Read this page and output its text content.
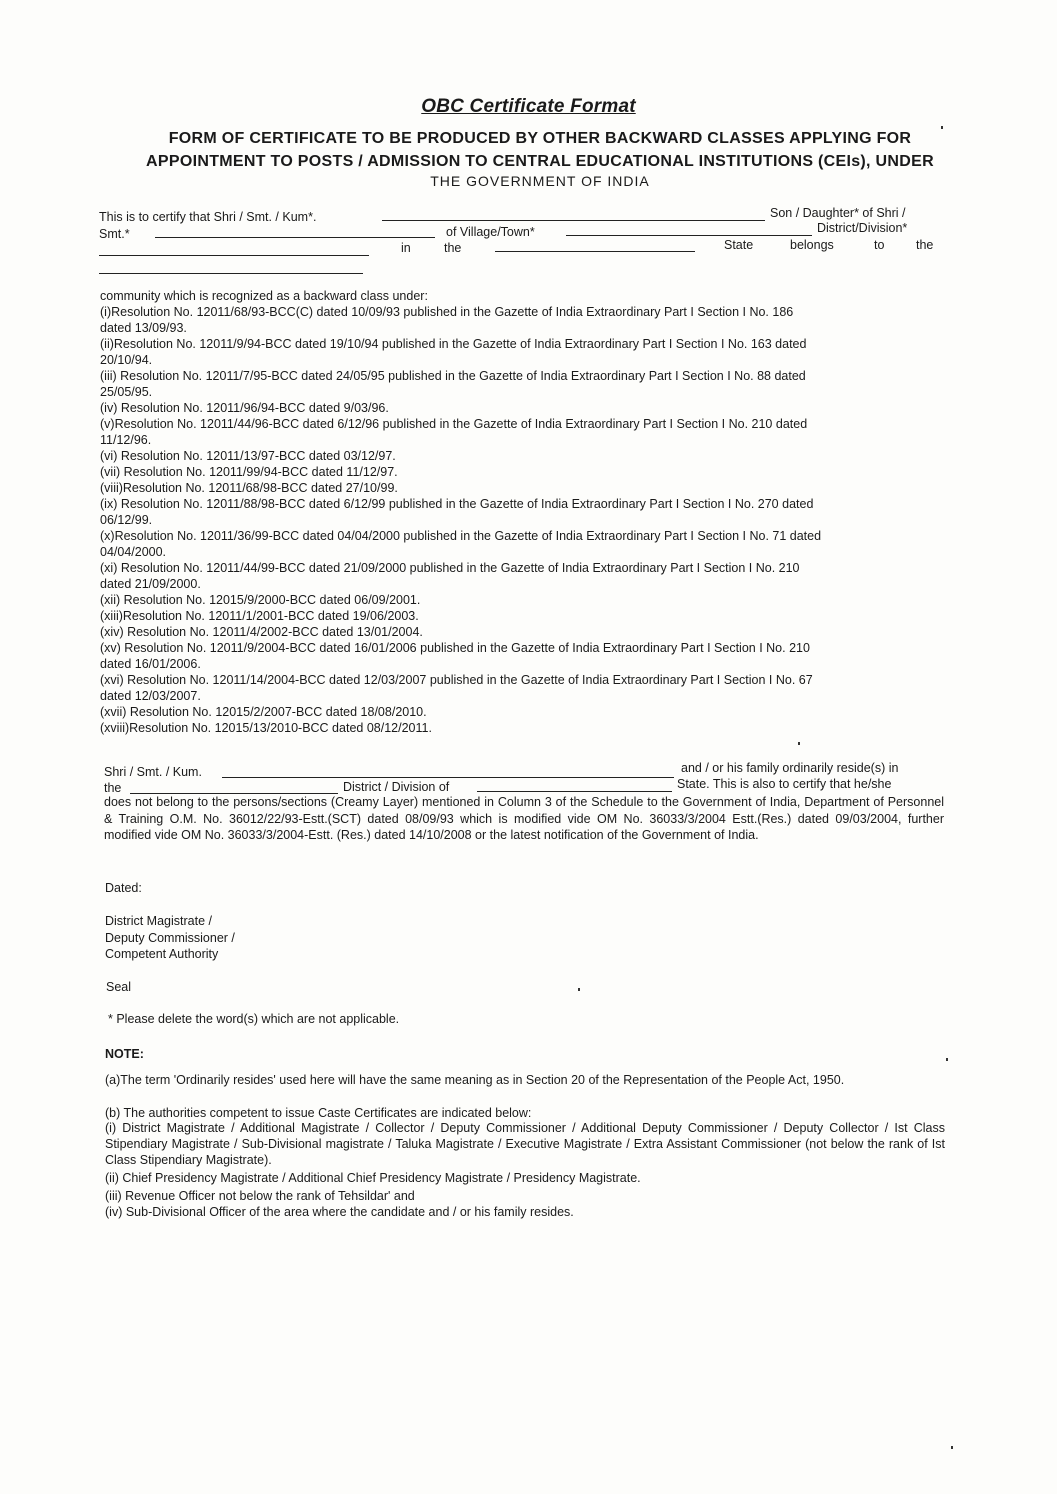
OBC Certificate Format
FORM OF CERTIFICATE TO BE PRODUCED BY OTHER BACKWARD CLASSES APPLYING FOR
APPOINTMENT TO POSTS / ADMISSION TO CENTRAL EDUCATIONAL INSTITUTIONS (CEIs), UNDER
THE GOVERNMENT OF INDIA
This is to certify that Shri / Smt. / Kum*.	Son / Daughter* of Shri /
Smt.*	of Village/Town*	District/Division*
in	the	State	belongs	to	the
community which is recognized as a backward class under:
(i)Resolution No. 12011/68/93-BCC(C) dated 10/09/93 published in the Gazette of India Extraordinary Part I Section I No. 186
dated 13/09/93.
(ii)Resolution No. 12011/9/94-BCC dated 19/10/94 published in the Gazette of India Extraordinary Part I Section I No. 163 dated
20/10/94.
(iii) Resolution No. 12011/7/95-BCC dated 24/05/95 published in the Gazette of India Extraordinary Part I Section I No. 88 dated
25/05/95.
(iv) Resolution No. 12011/96/94-BCC dated 9/03/96.
(v)Resolution No. 12011/44/96-BCC dated 6/12/96 published in the Gazette of India Extraordinary Part I Section I No. 210 dated
11/12/96.
(vi) Resolution No. 12011/13/97-BCC dated 03/12/97.
(vii) Resolution No. 12011/99/94-BCC dated 11/12/97.
(viii)Resolution No. 12011/68/98-BCC dated 27/10/99.
(ix) Resolution No. 12011/88/98-BCC dated 6/12/99 published in the Gazette of India Extraordinary Part I Section I No. 270 dated
06/12/99.
(x)Resolution No. 12011/36/99-BCC dated 04/04/2000 published in the Gazette of India Extraordinary Part I Section I No. 71 dated
04/04/2000.
(xi) Resolution No. 12011/44/99-BCC dated 21/09/2000 published in the Gazette of India Extraordinary Part I Section I No. 210
dated 21/09/2000.
(xii) Resolution No. 12015/9/2000-BCC dated 06/09/2001.
(xiii)Resolution No. 12011/1/2001-BCC dated 19/06/2003.
(xiv) Resolution No. 12011/4/2002-BCC dated 13/01/2004.
(xv) Resolution No. 12011/9/2004-BCC dated 16/01/2006 published in the Gazette of India Extraordinary Part I Section I No. 210
dated 16/01/2006.
(xvi) Resolution No. 12011/14/2004-BCC dated 12/03/2007 published in the Gazette of India Extraordinary Part I Section I No. 67
dated 12/03/2007.
(xvii) Resolution No. 12015/2/2007-BCC dated 18/08/2010.
(xviii)Resolution No. 12015/13/2010-BCC dated 08/12/2011.
Shri / Smt. / Kum.	and / or his family ordinarily reside(s) in
the	District / Division of	State. This is also to certify that he/she
does not belong to the persons/sections (Creamy Layer) mentioned in Column 3 of the Schedule to the Government of India, Department of Personnel & Training O.M. No. 36012/22/93-Estt.(SCT) dated 08/09/93 which is modified vide OM No. 36033/3/2004 Estt.(Res.) dated 09/03/2004, further modified vide OM No. 36033/3/2004-Estt. (Res.) dated 14/10/2008 or the latest notification of the Government of India.
Dated:
District Magistrate /
Deputy Commissioner /
Competent Authority
Seal
* Please delete the word(s) which are not applicable.
NOTE:
(a)The term 'Ordinarily resides' used here will have the same meaning as in Section 20 of the Representation of the People Act, 1950.
(b) The authorities competent to issue Caste Certificates are indicated below:
(i) District Magistrate / Additional Magistrate / Collector / Deputy Commissioner / Additional Deputy Commissioner / Deputy Collector / Ist Class Stipendiary Magistrate / Sub-Divisional magistrate / Taluka Magistrate / Executive Magistrate / Extra Assistant Commissioner (not below the rank of Ist Class Stipendiary Magistrate).
(ii) Chief Presidency Magistrate / Additional Chief Presidency Magistrate / Presidency Magistrate.
(iii) Revenue Officer not below the rank of Tehsildar' and
(iv) Sub-Divisional Officer of the area where the candidate and / or his family resides.
